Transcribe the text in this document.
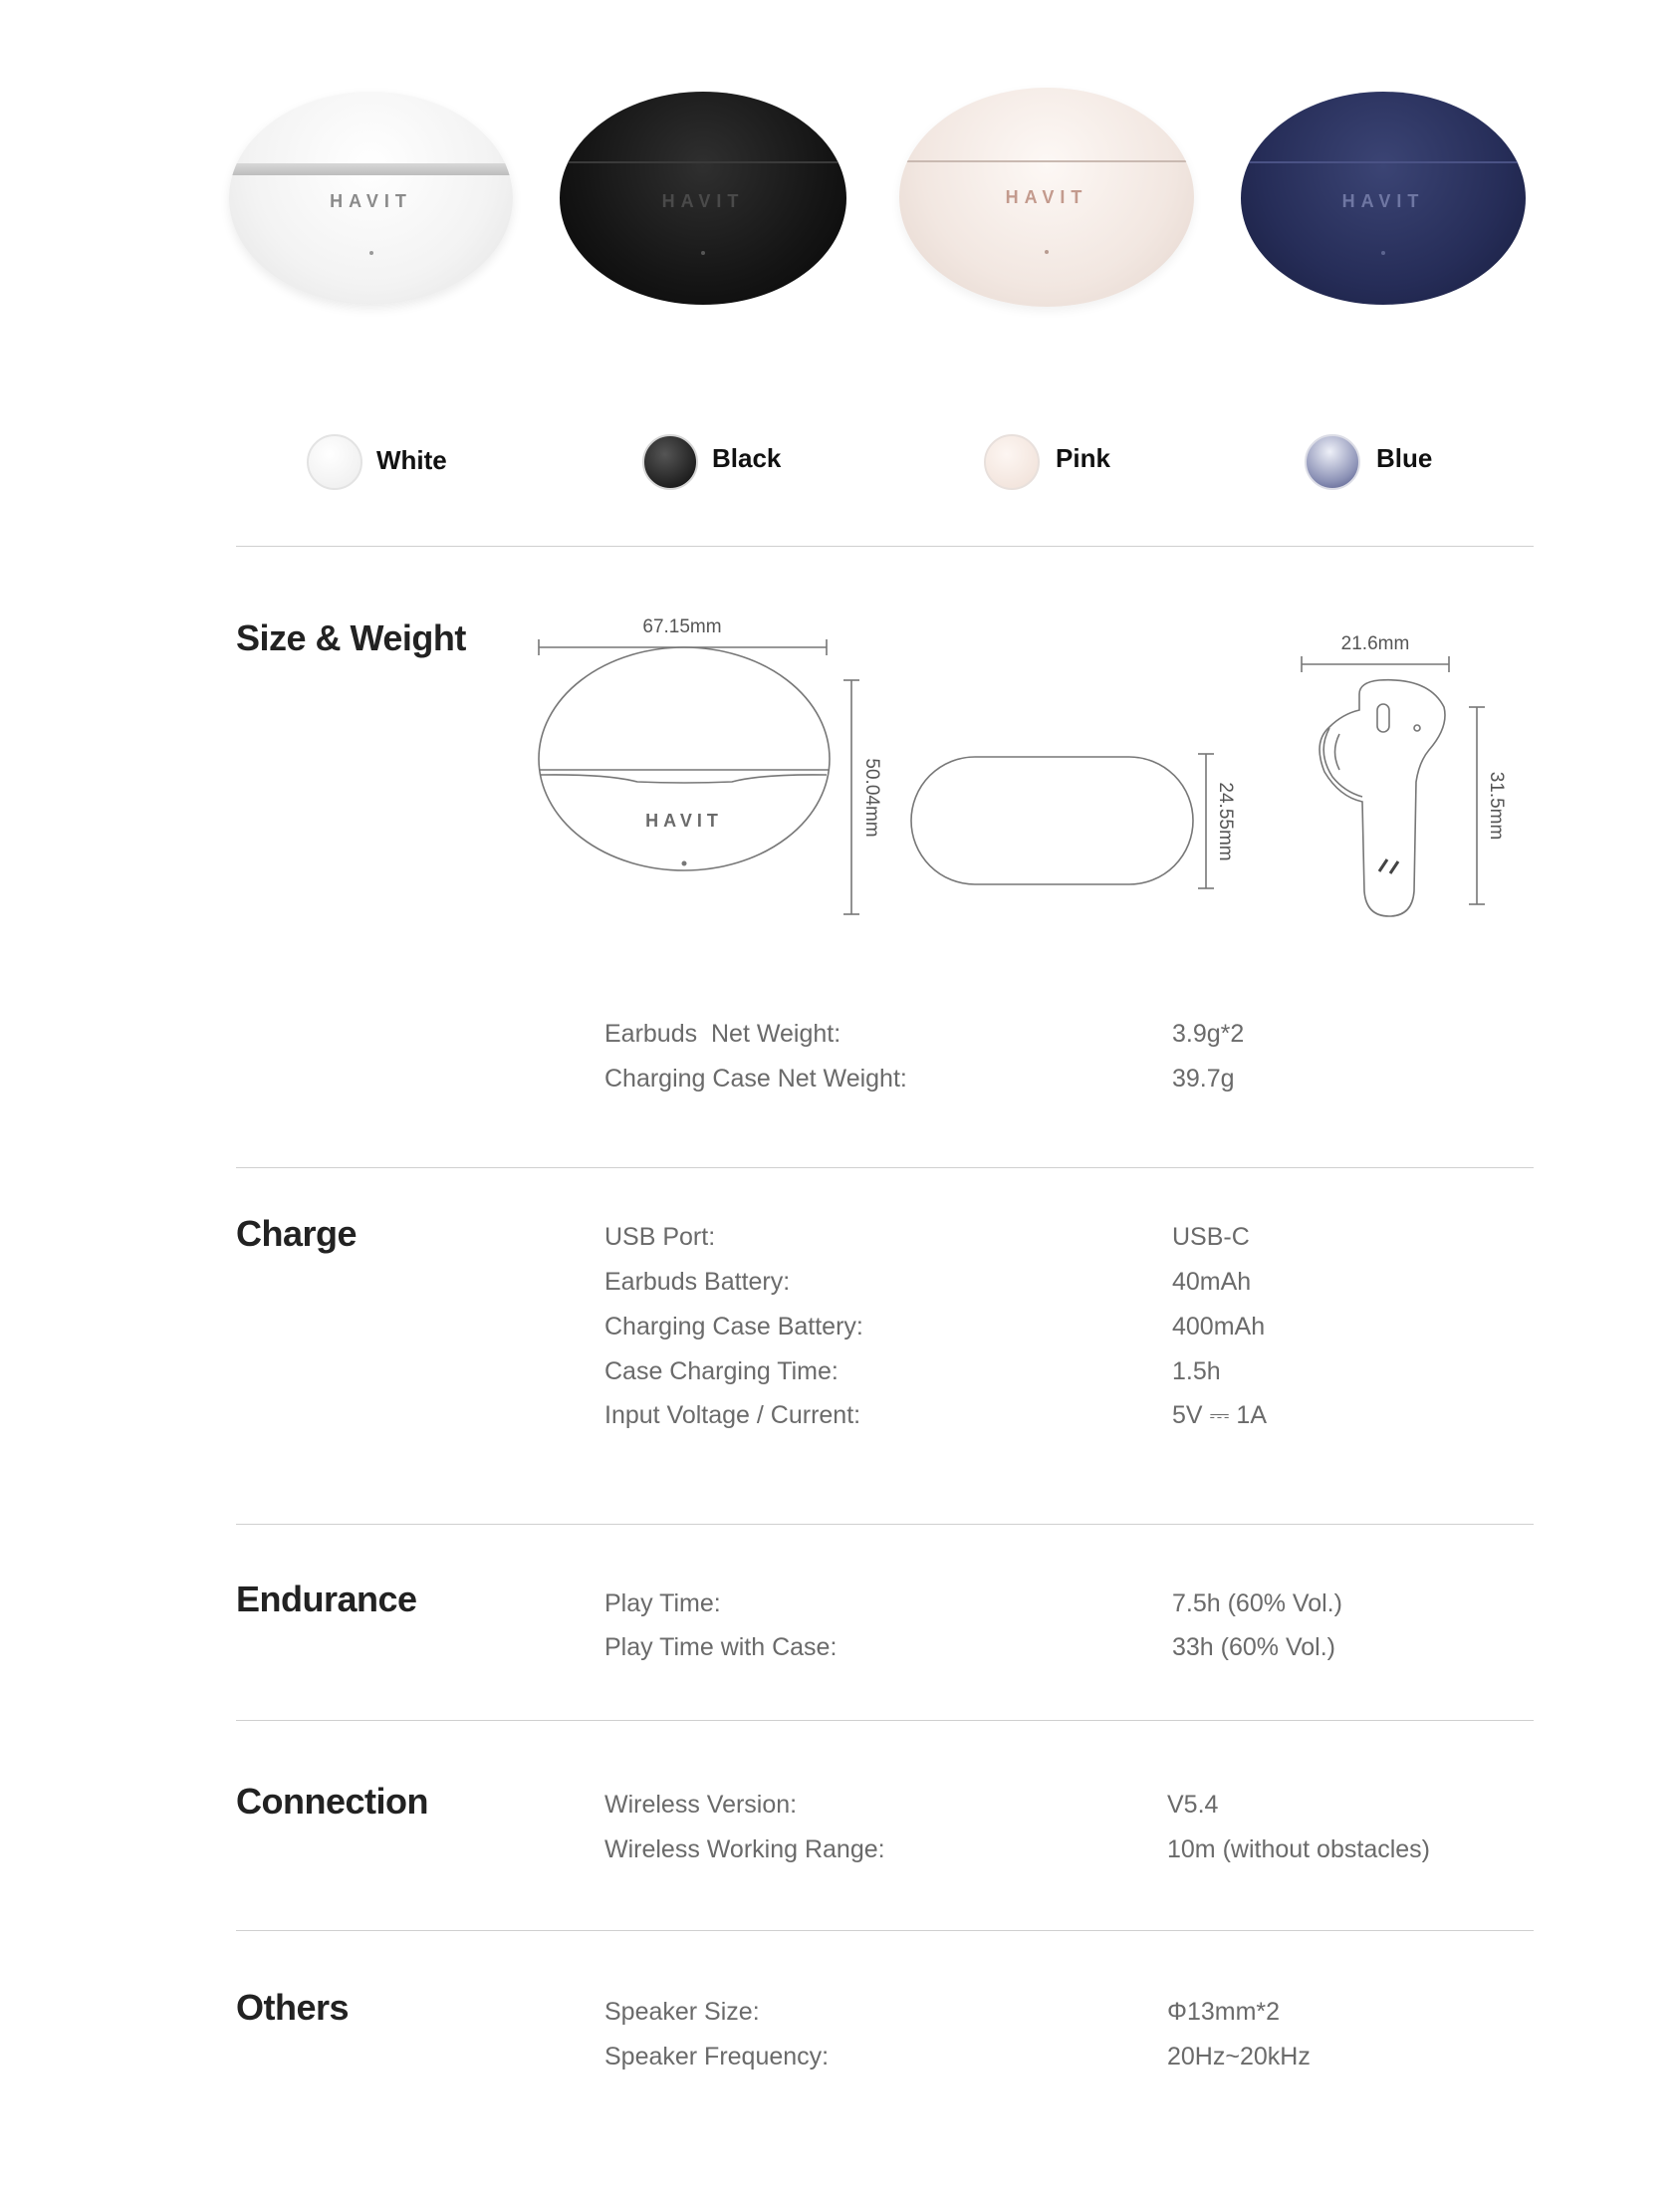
HAVIT	HAVIT	HAVIT	HAVIT
White	Black	Pink	Blue
Size & Weight
HAVIT
67.15mm
50.04mm	24.55mm
21.6mm
31.5mm
Earbuds  Net Weight:	3.9g*2
Charging Case Net Weight:	39.7g
Charge	USB Port:	USB-C
Earbuds Battery:	40mAh
Charging Case Battery:	400mAh
Case Charging Time:	1.5h
Input Voltage / Current:	5V ⎓ 1A
Endurance	Play Time:	7.5h (60% Vol.)
Play Time with Case:	33h (60% Vol.)
Connection	Wireless Version:	V5.4
Wireless Working Range:	10m (without obstacles)
Others	Speaker Size:	Φ13mm*2
Speaker Frequency:	20Hz~20kHz
